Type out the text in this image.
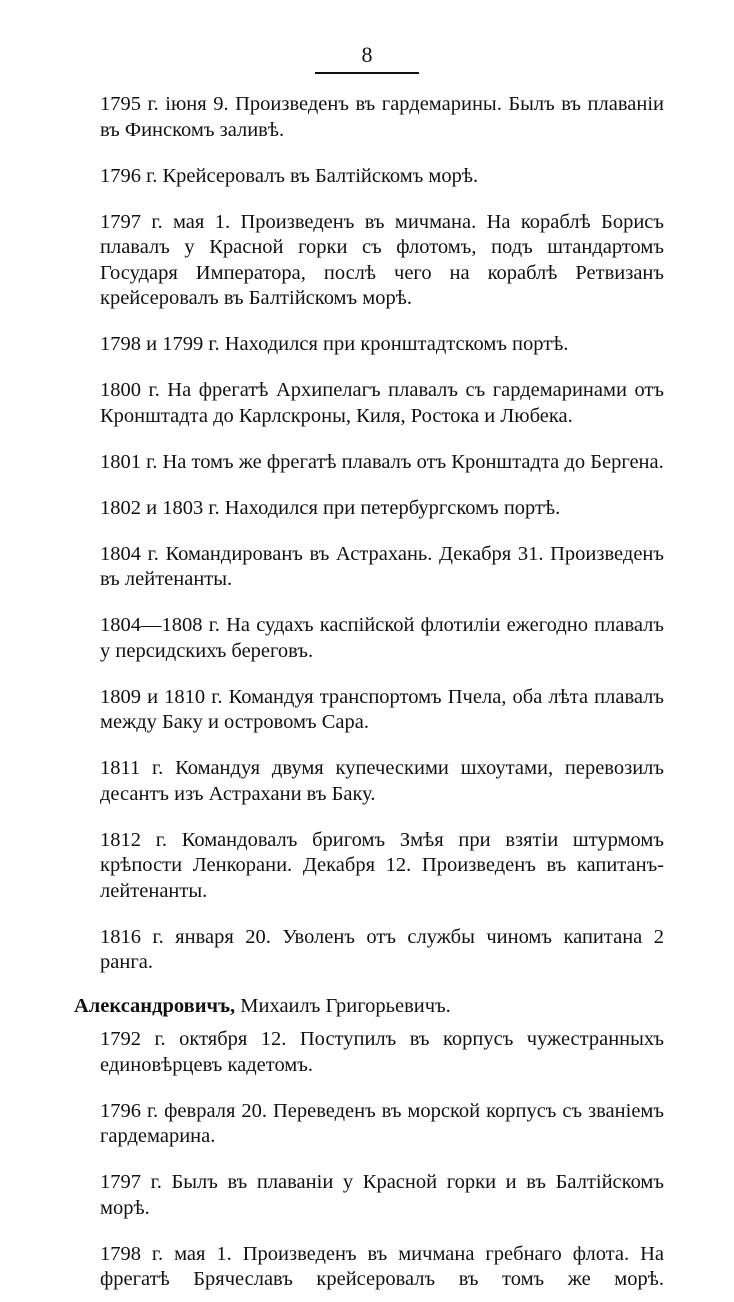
8

1795 г. іюня 9. Произведенъ въ гардемарины. Былъ въ плаваніи въ Финскомъ заливѣ.

1796 г. Крейсеровалъ въ Балтійскомъ морѣ.

1797 г. мая 1. Произведенъ въ мичмана. На кораблѣ Борисъ плавалъ у Красной горки съ флотомъ, подъ штандартомъ Государя Императора, послѣ чего на кораблѣ Ретвизанъ крейсеровалъ въ Балтійскомъ морѣ.

1798 и 1799 г. Находился при кронштадтскомъ портѣ.

1800 г. На фрегатѣ Архипелагъ плавалъ съ гардемаринами отъ Кронштадта до Карлскроны, Киля, Ростока и Любека.

1801 г. На томъ же фрегатѣ плавалъ отъ Кронштадта до Бергена.

1802 и 1803 г. Находился при петербургскомъ портѣ.

1804 г. Командированъ въ Астрахань. Декабря 31. Произведенъ въ лейтенанты.

1804—1808 г. На судахъ каспійской флотиліи ежегодно плавалъ у персидскихъ береговъ.

1809 и 1810 г. Командуя транспортомъ Пчела, оба лѣта плавалъ между Баку и островомъ Сара.

1811 г. Командуя двумя купеческими шхоутами, перевозилъ десантъ изъ Астрахани въ Баку.

1812 г. Командовалъ бригомъ Змѣя при взятіи штурмомъ крѣпости Ленкорани. Декабря 12. Произведенъ въ капитанъ-лейтенанты.

1816 г. января 20. Уволенъ отъ службы чиномъ капитана 2 ранга.

Александровичъ, Михаилъ Григорьевичъ.

1792 г. октября 12. Поступилъ въ корпусъ чужестранныхъ единовѣрцевъ кадетомъ.

1796 г. февраля 20. Переведенъ въ морской корпусъ съ званіемъ гардемарина.

1797 г. Былъ въ плаваніи у Красной горки и въ Балтійскомъ морѣ.

1798 г. мая 1. Произведенъ въ мичмана гребнаго флота. На фрегатѣ Брячеславъ крейсеровалъ въ томъ же морѣ.
